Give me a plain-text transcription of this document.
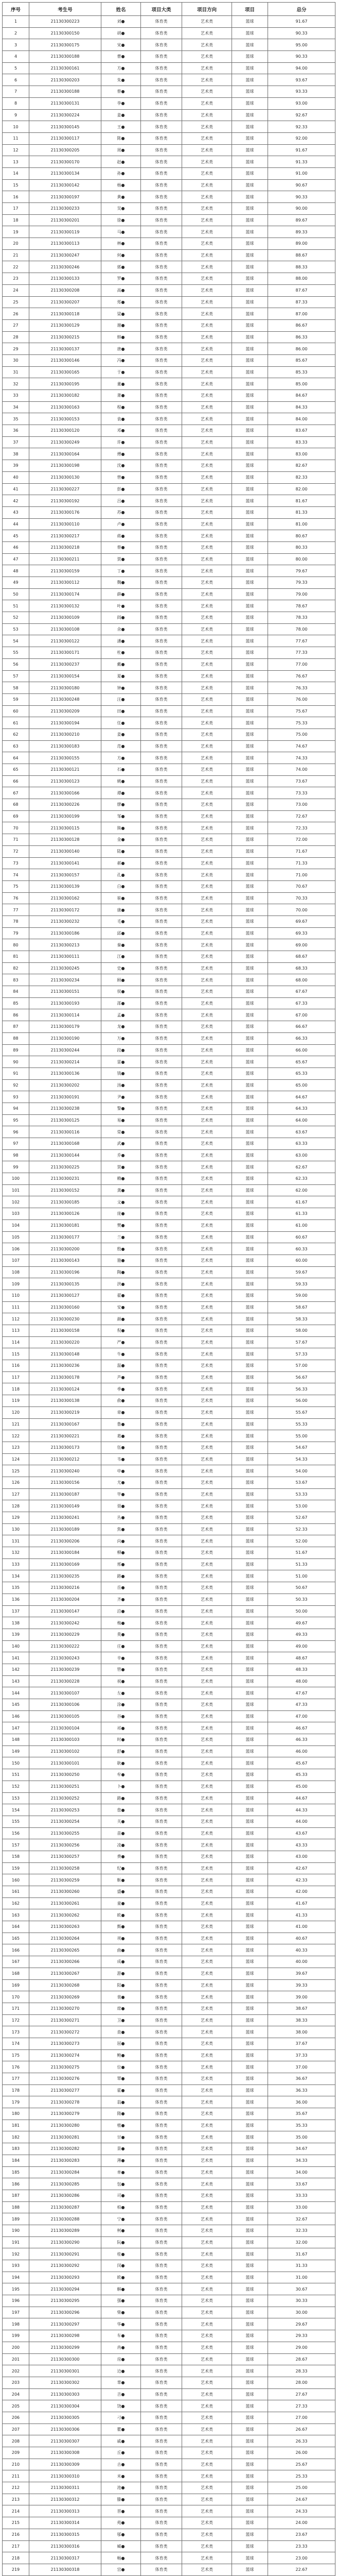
序号	考生号	姓名	项目大类	项目方向	项目	总分
1	21130300223	刘●	体育类	艺术类	篮球	91.67
2	21130300150	胡●	体育类	艺术类	篮球	90.33
3	21130300175	宋●	体育类	艺术类	篮球	95.00
4	21130300188	曹●	体育类	艺术类	篮球	90.33
5	21130300161	方●	体育类	艺术类	篮球	94.00
6	21130300203	朱●	体育类	艺术类	篮球	93.67
7	21130300188	蔡●	体育类	艺术类	篮球	93.33
8	21130300131	李●	体育类	艺术类	篮球	93.00
9	21130300224	姜●	体育类	艺术类	篮球	92.67
10	21130300145	王●	体育类	艺术类	篮球	92.33
11	21130300117	陈●	体育类	艺术类	篮球	92.00
12	21130300205	周●	体育类	艺术类	篮球	91.67
13	21130300170	赵●	体育类	艺术类	篮球	91.33
14	21130300134	孙●	体育类	艺术类	篮球	91.00
15	21130300142	杨●	体育类	艺术类	篮球	90.67
16	21130300197	黄●	体育类	艺术类	篮球	90.33
17	21130300233	吴●	体育类	艺术类	篮球	90.00
18	21130300201	徐●	体育类	艺术类	篮球	89.67
19	21130300119	马●	体育类	艺术类	篮球	89.33
20	21130300113	林●	体育类	艺术类	篮球	89.00
21	21130300247	何●	体育类	艺术类	篮球	88.67
22	21130300246	郭●	体育类	艺术类	篮球	88.33
23	21130300133	罗●	体育类	艺术类	篮球	88.00
24	21130300208	高●	体育类	艺术类	篮球	87.67
25	21130300207	郑●	体育类	艺术类	篮球	87.33
26	21130300118	梁●	体育类	艺术类	篮球	87.00
27	21130300129	谢●	体育类	艺术类	篮球	86.67
28	21130300215	韩●	体育类	艺术类	篮球	86.33
29	21130300137	唐●	体育类	艺术类	篮球	86.00
30	21130300146	冯●	体育类	艺术类	篮球	85.67
31	21130300165	于●	体育类	艺术类	篮球	85.33
32	21130300195	董●	体育类	艺术类	篮球	85.00
33	21130300182	萧●	体育类	艺术类	篮球	84.67
34	21130300163	程●	体育类	艺术类	篮球	84.33
35	21130300153	袁●	体育类	艺术类	篮球	84.00
36	21130300120	邓●	体育类	艺术类	篮球	83.67
37	21130300249	许●	体育类	艺术类	篮球	83.33
38	21130300164	傅●	体育类	艺术类	篮球	83.00
39	21130300198	沈●	体育类	艺术类	篮球	82.67
40	21130300130	曾●	体育类	艺术类	篮球	82.33
41	21130300227	彭●	体育类	艺术类	篮球	82.00
42	21130300192	吕●	体育类	艺术类	篮球	81.67
43	21130300176	苏●	体育类	艺术类	篮球	81.33
44	21130300110	卢●	体育类	艺术类	篮球	81.00
45	21130300217	蒋●	体育类	艺术类	篮球	80.67
46	21130300218	蔡●	体育类	艺术类	篮球	80.33
47	21130300211	贾●	体育类	艺术类	篮球	80.00
48	21130300159	丁●	体育类	艺术类	篮球	79.67
49	21130300112	魏●	体育类	艺术类	篮球	79.33
50	21130300174	薛●	体育类	艺术类	篮球	79.00
51	21130300132	叶●	体育类	艺术类	篮球	78.67
52	21130300109	阎●	体育类	艺术类	篮球	78.33
53	21130300108	余●	体育类	艺术类	篮球	78.00
54	21130300122	潘●	体育类	艺术类	篮球	77.67
55	21130300171	杜●	体育类	艺术类	篮球	77.33
56	21130300237	戴●	体育类	艺术类	篮球	77.00
57	21130300154	夏●	体育类	艺术类	篮球	76.67
58	21130300180	钟●	体育类	艺术类	篮球	76.33
59	21130300248	汪●	体育类	艺术类	篮球	76.00
60	21130300209	田●	体育类	艺术类	篮球	75.67
61	21130300194	任●	体育类	艺术类	篮球	75.33
62	21130300210	姜●	体育类	艺术类	篮球	75.00
63	21130300183	范●	体育类	艺术类	篮球	74.67
64	21130300155	方●	体育类	艺术类	篮球	74.33
65	21130300121	石●	体育类	艺术类	篮球	74.00
66	21130300123	姚●	体育类	艺术类	篮球	73.67
67	21130300166	谭●	体育类	艺术类	篮球	73.33
68	21130300226	廖●	体育类	艺术类	篮球	73.00
69	21130300199	邹●	体育类	艺术类	篮球	72.67
70	21130300115	熊●	体育类	艺术类	篮球	72.33
71	21130300128	金●	体育类	艺术类	篮球	72.00
72	21130300140	陆●	体育类	艺术类	篮球	71.67
73	21130300141	郝●	体育类	艺术类	篮球	71.33
74	21130300157	孔●	体育类	艺术类	篮球	71.00
75	21130300139	白●	体育类	艺术类	篮球	70.67
76	21130300162	崔●	体育类	艺术类	篮球	70.33
77	21130300172	康●	体育类	艺术类	篮球	70.00
78	21130300232	毛●	体育类	艺术类	篮球	69.67
79	21130300186	邱●	体育类	艺术类	篮球	69.33
80	21130300213	秦●	体育类	艺术类	篮球	69.00
81	21130300111	江●	体育类	艺术类	篮球	68.67
82	21130300245	史●	体育类	艺术类	篮球	68.33
83	21130300234	顾●	体育类	艺术类	篮球	68.00
84	21130300151	侯●	体育类	艺术类	篮球	67.67
85	21130300193	邵●	体育类	艺术类	篮球	67.33
86	21130300114	孟●	体育类	艺术类	篮球	67.00
87	21130300179	龙●	体育类	艺术类	篮球	66.67
88	21130300190	万●	体育类	艺术类	篮球	66.33
89	21130300244	段●	体育类	艺术类	篮球	66.00
90	21130300214	雷●	体育类	艺术类	篮球	65.67
91	21130300136	钱●	体育类	艺术类	篮球	65.33
92	21130300202	汤●	体育类	艺术类	篮球	65.00
93	21130300191	尹●	体育类	艺术类	篮球	64.67
94	21130300238	黎●	体育类	艺术类	篮球	64.33
95	21130300125	易●	体育类	艺术类	篮球	64.00
96	21130300116	常●	体育类	艺术类	篮球	63.67
97	21130300168	武●	体育类	艺术类	篮球	63.33
98	21130300144	乔●	体育类	艺术类	篮球	63.00
99	21130300225	贺●	体育类	艺术类	篮球	62.67
100	21130300231	赖●	体育类	艺术类	篮球	62.33
101	21130300152	龚●	体育类	艺术类	篮球	62.00
102	21130300185	文●	体育类	艺术类	篮球	61.67
103	21130300126	庞●	体育类	艺术类	篮球	61.33
104	21130300181	樊●	体育类	艺术类	篮球	61.00
105	21130300177	兰●	体育类	艺术类	篮球	60.67
106	21130300200	殷●	体育类	艺术类	篮球	60.33
107	21130300143	施●	体育类	艺术类	篮球	60.00
108	21130300196	陶●	体育类	艺术类	篮球	59.67
109	21130300135	洪●	体育类	艺术类	篮球	59.33
110	21130300127	翟●	体育类	艺术类	篮球	59.00
111	21130300160	安●	体育类	艺术类	篮球	58.67
112	21130300230	颜●	体育类	艺术类	篮球	58.33
113	21130300158	倪●	体育类	艺术类	篮球	58.00
114	21130300220	严●	体育类	艺术类	篮球	57.67
115	21130300148	牛●	体育类	艺术类	篮球	57.33
116	21130300236	温●	体育类	艺术类	篮球	57.00
117	21130300178	芦●	体育类	艺术类	篮球	56.67
118	21130300124	季●	体育类	艺术类	篮球	56.33
119	21130300138	俞●	体育类	艺术类	篮球	56.00
120	21130300219	章●	体育类	艺术类	篮球	55.67
121	21130300167	鲁●	体育类	艺术类	篮球	55.33
122	21130300221	葛●	体育类	艺术类	篮球	55.00
123	21130300173	伍●	体育类	艺术类	篮球	54.67
124	21130300212	韦●	体育类	艺术类	篮球	54.33
125	21130300240	申●	体育类	艺术类	篮球	54.00
126	21130300156	尤●	体育类	艺术类	篮球	53.67
127	21130300187	毕●	体育类	艺术类	篮球	53.33
128	21130300149	聂●	体育类	艺术类	篮球	53.00
129	21130300241	丛●	体育类	艺术类	篮球	52.67
130	21130300189	焦●	体育类	艺术类	篮球	52.33
131	21130300206	向●	体育类	艺术类	篮球	52.00
132	21130300184	柳●	体育类	艺术类	篮球	51.67
133	21130300169	邢●	体育类	艺术类	篮球	51.33
134	21130300235	路●	体育类	艺术类	篮球	51.00
135	21130300216	岳●	体育类	艺术类	篮球	50.67
136	21130300204	齐●	体育类	艺术类	篮球	50.33
137	21130300147	沿●	体育类	艺术类	篮球	50.00
138	21130300242	梅●	体育类	艺术类	篮球	49.67
139	21130300229	莫●	体育类	艺术类	篮球	49.33
140	21130300222	庄●	体育类	艺术类	篮球	49.00
141	21130300243	辛●	体育类	艺术类	篮球	48.67
142	21130300239	管●	体育类	艺术类	篮球	48.33
143	21130300228	祝●	体育类	艺术类	篮球	48.00
144	21130300107	左●	体育类	艺术类	篮球	47.67
145	21130300106	涂●	体育类	艺术类	篮球	47.33
146	21130300105	谷●	体育类	艺术类	篮球	47.00
147	21130300104	祁●	体育类	艺术类	篮球	46.67
148	21130300103	时●	体育类	艺术类	篮球	46.33
149	21130300102	舒●	体育类	艺术类	篮球	46.00
150	21130300101	耿●	体育类	艺术类	篮球	45.67
151	21130300250	牟●	体育类	艺术类	篮球	45.33
152	21130300251	卜●	体育类	艺术类	篮球	45.00
153	21130300252	路●	体育类	艺术类	篮球	44.67
154	21130300253	詹●	体育类	艺术类	篮球	44.33
155	21130300254	关●	体育类	艺术类	篮球	44.00
156	21130300255	苗●	体育类	艺术类	篮球	43.67
157	21130300256	凌●	体育类	艺术类	篮球	43.33
158	21130300257	费●	体育类	艺术类	篮球	43.00
159	21130300258	纪●	体育类	艺术类	篮球	42.67
160	21130300259	靳●	体育类	艺术类	篮球	42.33
161	21130300260	盛●	体育类	艺术类	篮球	42.00
162	21130300261	童●	体育类	艺术类	篮球	41.67
163	21130300262	欧●	体育类	艺术类	篮球	41.33
164	21130300263	甄●	体育类	艺术类	篮球	41.00
165	21130300264	项●	体育类	艺术类	篮球	40.67
166	21130300265	曲●	体育类	艺术类	篮球	40.33
167	21130300266	成●	体育类	艺术类	篮球	40.00
168	21130300267	游●	体育类	艺术类	篮球	39.67
169	21130300268	阳●	体育类	艺术类	篮球	39.33
170	21130300269	裴●	体育类	艺术类	篮球	39.00
171	21130300270	席●	体育类	艺术类	篮球	38.67
172	21130300271	卫●	体育类	艺术类	篮球	38.33
173	21130300272	查●	体育类	艺术类	篮球	38.00
174	21130300273	屈●	体育类	艺术类	篮球	37.67
175	21130300274	鲍●	体育类	艺术类	篮球	37.33
176	21130300275	位●	体育类	艺术类	篮球	37.00
177	21130300276	覃●	体育类	艺术类	篮球	36.67
178	21130300277	霍●	体育类	艺术类	篮球	36.33
179	21130300278	翁●	体育类	艺术类	篮球	36.00
180	21130300279	隋●	体育类	艺术类	篮球	35.67
181	21130300280	植●	体育类	艺术类	篮球	35.33
182	21130300281	甘●	体育类	艺术类	篮球	35.00
183	21130300282	景●	体育类	艺术类	篮球	34.67
184	21130300283	薄●	体育类	艺术类	篮球	34.33
185	21130300284	单●	体育类	艺术类	篮球	34.00
186	21130300285	包●	体育类	艺术类	篮球	33.67
187	21130300286	司●	体育类	艺术类	篮球	33.33
188	21130300287	柏●	体育类	艺术类	篮球	33.00
189	21130300288	宁●	体育类	艺术类	篮球	32.67
190	21130300289	柯●	体育类	艺术类	篮球	32.33
191	21130300290	阮●	体育类	艺术类	篮球	32.00
192	21130300291	桂●	体育类	艺术类	篮球	31.67
193	21130300292	闵●	体育类	艺术类	篮球	31.33
194	21130300293	欧●	体育类	艺术类	篮球	31.00
195	21130300294	解●	体育类	艺术类	篮球	30.67
196	21130300295	强●	体育类	艺术类	篮球	30.33
197	21130300296	柴●	体育类	艺术类	篮球	30.00
198	21130300297	华●	体育类	艺术类	篮球	29.67
199	21130300298	车●	体育类	艺术类	篮球	29.33
200	21130300299	冉●	体育类	艺术类	篮球	29.00
201	21130300300	房●	体育类	艺术类	篮球	28.67
202	21130300301	边●	体育类	艺术类	篮球	28.33
203	21130300302	辜●	体育类	艺术类	篮球	28.00
204	21130300303	吉●	体育类	艺术类	篮球	27.67
205	21130300304	饶●	体育类	艺术类	篮球	27.33
206	21130300305	刁●	体育类	艺术类	篮球	27.00
207	21130300306	瞿●	体育类	艺术类	篮球	26.67
208	21130300307	戚●	体育类	艺术类	篮球	26.33
209	21130300308	丘●	体育类	艺术类	篮球	26.00
210	21130300309	古●	体育类	艺术类	篮球	25.67
211	21130300310	米●	体育类	艺术类	篮球	25.33
212	21130300311	池●	体育类	艺术类	篮球	25.00
213	21130300312	滕●	体育类	艺术类	篮球	24.67
214	21130300313	晋●	体育类	艺术类	篮球	24.33
215	21130300314	苑●	体育类	艺术类	篮球	24.00
216	21130300315	邬●	体育类	艺术类	篮球	23.67
217	21130300316	臧●	体育类	艺术类	篮球	23.33
218	21130300317	畅●	体育类	艺术类	篮球	23.00
219	21130300318	宫●	体育类	艺术类	篮球	22.67
